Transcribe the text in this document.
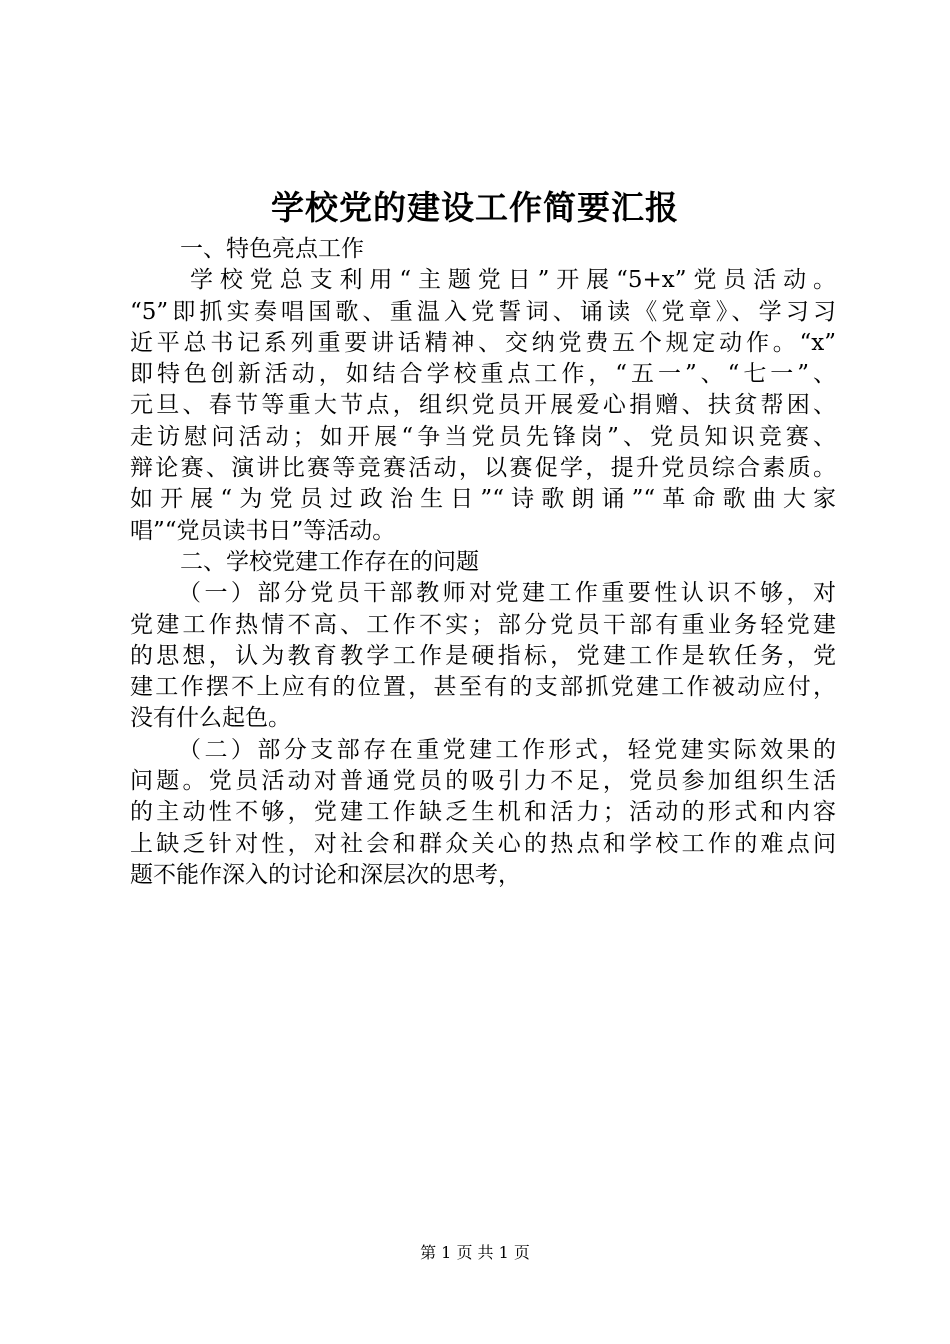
学校党的建设工作简要汇报
一、特色亮点工作

学校党总支利用“主题党日”开展“5+x”党员活动。
“5”即抓实奏唱国歌、重温入党誓词、诵读《党章》、学习习
近平总书记系列重要讲话精神、交纳党费五个规定动作。“x”
即特色创新活动，如结合学校重点工作，“五一”、“七一”、
元旦、春节等重大节点，组织党员开展爱心捐赠、扶贫帮困、
走访慰问活动；如开展“争当党员先锋岗”、党员知识竞赛、
辩论赛、演讲比赛等竞赛活动，以赛促学，提升党员综合素质。
如开展“为党员过政治生日”“诗歌朗诵”“革命歌曲大家
唱”“党员读书日”等活动。

二、学校党建工作存在的问题

（一）部分党员干部教师对党建工作重要性认识不够，对
党建工作热情不高、工作不实；部分党员干部有重业务轻党建
的思想，认为教育教学工作是硬指标，党建工作是软任务，党
建工作摆不上应有的位置，甚至有的支部抓党建工作被动应付，
没有什么起色。

（二）部分支部存在重党建工作形式，轻党建实际效果的
问题。党员活动对普通党员的吸引力不足，党员参加组织生活
的主动性不够，党建工作缺乏生机和活力；活动的形式和内容
上缺乏针对性，对社会和群众关心的热点和学校工作的难点问
题不能作深入的讨论和深层次的思考，

第 1 页 共 1 页
